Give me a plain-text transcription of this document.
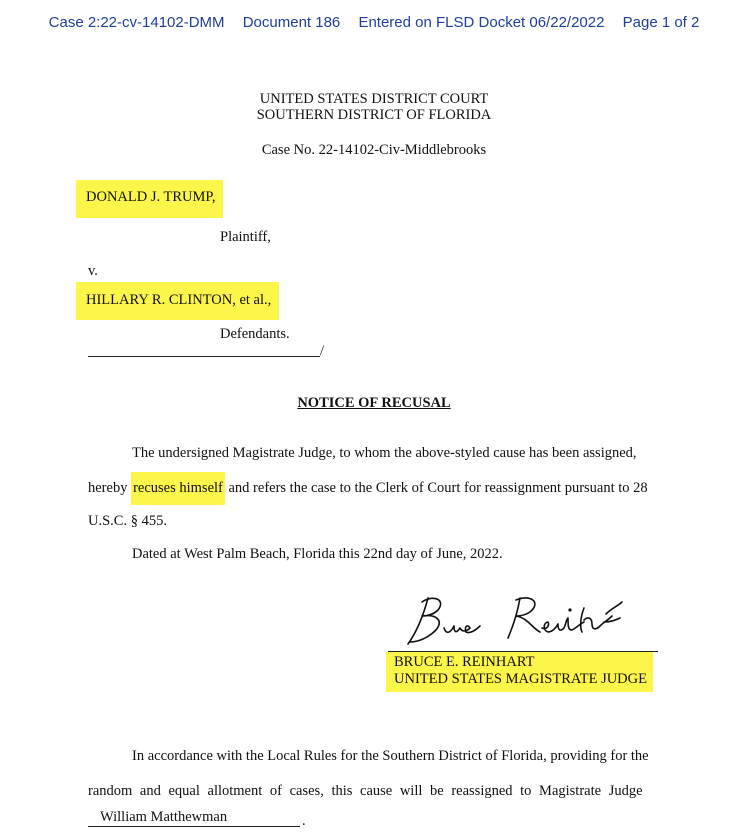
Case 2:22-cv-14102-DMM Document 186 Entered on FLSD Docket 06/22/2022 Page 1 of 2
UNITED STATES DISTRICT COURT
SOUTHERN DISTRICT OF FLORIDA
Case No. 22-14102-Civ-Middlebrooks
DONALD J. TRUMP,
Plaintiff,
v.
HILLARY R. CLINTON, et al.,
Defendants.
/
NOTICE OF RECUSAL
The undersigned Magistrate Judge, to whom the above-styled cause has been assigned,
hereby recuses himself and refers the case to the Clerk of Court for reassignment pursuant to 28
U.S.C. § 455.
Dated at West Palm Beach, Florida this 22nd day of June, 2022.
BRUCE E. REINHART
UNITED STATES MAGISTRATE JUDGE
In accordance with the Local Rules for the Southern District of Florida, providing for the
random and equal allotment of cases, this cause will be reassigned to Magistrate Judge
William Matthewman	.
